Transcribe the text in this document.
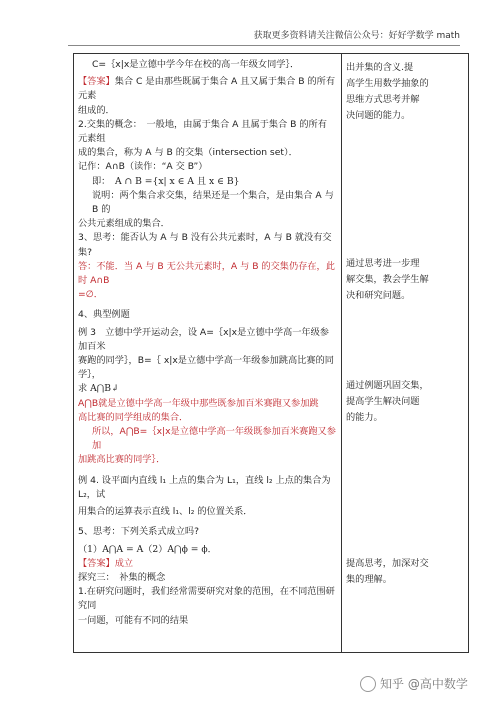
获取更多资料请关注微信公众号：好好学数学 math

C=｛x|x是立德中学今年在校的高一年级女同学｝．

【答案】集合 C 是由那些既属于集合 A 且又属于集合 B 的所有元素

组成的．

2.交集的概念：　一般地，由属于集合 A 且属于集合 B 的所有元素组

成的集合，称为 A 与 B 的交集（intersection set）．

记作：A∩B（读作：“A 交 B”）

即：　A ∩ B ={x| x ∈ A 且 x ∈ B}

说明：两个集合求交集，结果还是一个集合，是由集合 A 与 B 的

公共元素组成的集合．

3、思考：能否认为 A 与 B 没有公共元素时，A 与 B 就没有交集?

答：不能．当 A 与 B 无公共元素时，A 与 B 的交集仍存在，此时 A∩B

=∅．

4、典型例题

例 3　立德中学开运动会，设 A=｛x|x是立德中学高一年级参加百米

赛跑的同学｝，B=｛ x|x是立德中学高一年级参加跳高比赛的同学｝，

求 A⋂B↲

A⋂B就是立德中学高一年级中那些既参加百米赛跑又参加跳

高比赛的同学组成的集合．

所以，A⋂B=｛x|x是立德中学高一年级既参加百米赛跑又参加

加跳高比赛的同学｝．

例 4. 设平面内直线 l₁ 上点的集合为 L₁，直线 l₂ 上点的集合为 L₂，试

用集合的运算表示直线 l₁、l₂ 的位置关系．

5、思考：下列关系式成立吗?

（1）A⋂A = A（2）A⋂ϕ = ϕ．

【答案】成立

探究三：　补集的概念

1.在研究问题时，我们经常需要研究对象的范围，在不同范围研究同

一问题，可能有不同的结果

出并集的含义.提

高学生用数学抽象的

思维方式思考并解

决问题的能力。

通过思考进一步理

解交集，教会学生解

决和研究问题。

通过例题巩固交集，

提高学生解决问题

的能力。

提高思考，加深对交

集的理解。

知乎 @高中数学
